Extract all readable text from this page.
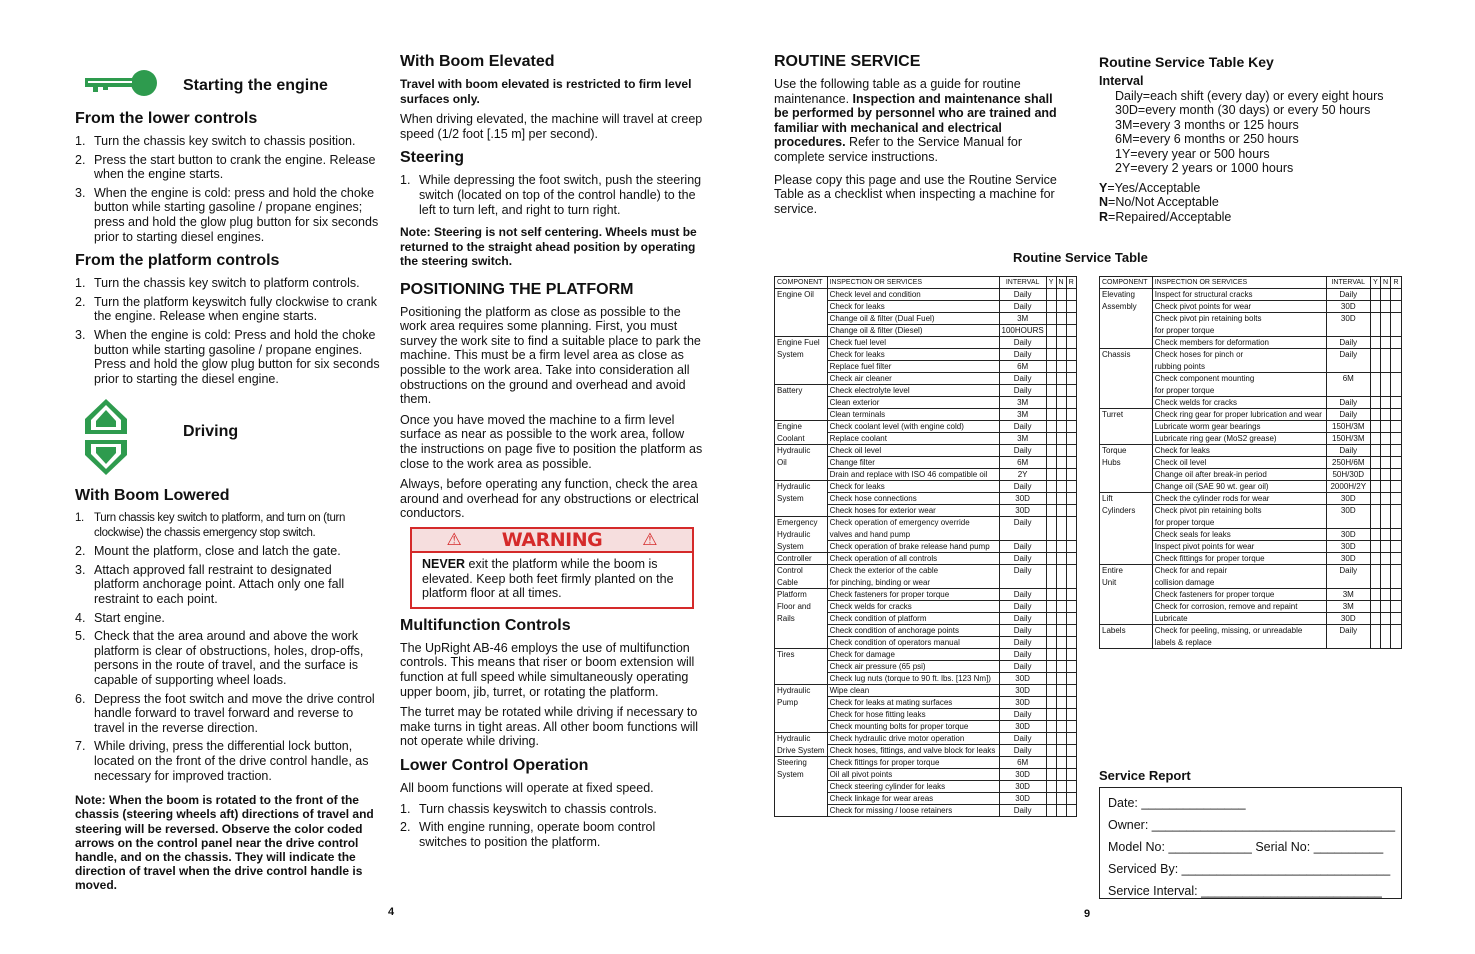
Starting the engine
From the lower controls
1. Turn the chassis key switch to chassis position.
2. Press the start button to crank the engine. Release when the engine starts.
3. When the engine is cold: press and hold the choke button while starting gasoline / propane engines; press and hold the glow plug button for six seconds prior to starting diesel engines.
From the platform controls
1. Turn the chassis key switch to platform controls.
2. Turn the platform keyswitch fully clockwise to crank the engine. Release when engine starts.
3. When the engine is cold: Press and hold the choke button while starting gasoline / propane engines. Press and hold the glow plug button for six seconds prior to starting the diesel engine.
Driving
With Boom Lowered
1. Turn chassis key switch to platform, and turn on (turn clockwise) the chassis emergency stop switch.
2. Mount the platform, close and latch the gate.
3. Attach approved fall restraint to designated platform anchorage point. Attach only one fall restraint to each point.
4. Start engine.
5. Check that the area around and above the work platform is clear of obstructions, holes, drop-offs, persons in the route of travel, and the surface is capable of supporting wheel loads.
6. Depress the foot switch and move the drive control handle forward to travel forward and reverse to travel in the reverse direction.
7. While driving, press the differential lock button, located on the front of the drive control handle, as necessary for improved traction.

Note: When the boom is rotated to the front of the chassis (steering wheels aft) directions of travel and steering will be reversed. Observe the color coded arrows on the control panel near the drive control handle, and on the chassis. They will indicate the direction of travel when the drive control handle is moved.

With Boom Elevated

Travel with boom elevated is restricted to firm level surfaces only.

When driving elevated, the machine will travel at creep speed (1/2 foot [.15 m] per second).

Steering
1. While depressing the foot switch, push the steering switch (located on top of the control handle) to the left to turn left, and right to turn right.

Note: Steering is not self centering. Wheels must be returned to the straight ahead position by operating the steering switch.

POSITIONING THE PLATFORM

Positioning the platform as close as possible to the work area requires some planning. First, you must survey the work site to find a suitable place to park the machine. This must be a firm level area as close as possible to the work area. Take into consideration all obstructions on the ground and overhead and avoid them.

Once you have moved the machine to a firm level surface as near as possible to the work area, follow the instructions on page five to position the platform as close to the work area as possible.

Always, before operating any function, check the area around and overhead for any obstructions or electrical conductors.

⚠ WARNING ⚠
NEVER exit the platform while the boom is elevated. Keep both feet firmly planted on the platform floor at all times.
Multifunction Controls

The UpRight AB-46 employs the use of multifunction controls. This means that riser or boom extension will function at full speed while simultaneously operating upper boom, jib, turret, or rotating the platform.

The turret may be rotated while driving if necessary to make turns in tight areas. All other boom functions will not operate while driving.

Lower Control Operation

All boom functions will operate at fixed speed.

1. Turn chassis keyswitch to chassis controls.
2. With engine running, operate boom control switches to position the platform.
4
ROUTINE SERVICE

Use the following table as a guide for routine maintenance. Inspection and maintenance shall be performed by personnel who are trained and familiar with mechanical and electrical procedures. Refer to the Service Manual for complete service instructions.

Please copy this page and use the Routine Service Table as a checklist when inspecting a machine for service.

Routine Service Table Key
Interval
Daily=each shift (every day) or every eight hours
30D=every month (30 days) or every 50 hours
3M=every 3 months or 125 hours
6M=every 6 months or 250 hours
1Y=every year or 500 hours
2Y=every 2 years or 1000 hours
Y=Yes/Acceptable
N=No/Not Acceptable
R=Repaired/Acceptable
Routine Service Table
COMPONENT	INSPECTION OR SERVICES	INTERVAL	Y	N	R
Engine Oil	Check level and condition	Daily			
	Check for leaks	Daily			
	Change oil & filter (Dual Fuel)	3M			
	Change oil & filter (Diesel)	100HOURS			
Engine Fuel	Check fuel level	Daily			
System	Check for leaks	Daily			
	Replace fuel filter	6M			
	Check air cleaner	Daily			
Battery	Check electrolyte level	Daily			
	Clean exterior	3M			
	Clean terminals	3M			
Engine	Check coolant level (with engine cold)	Daily			
Coolant	Replace coolant	3M			
Hydraulic	Check oil level	Daily			
Oil	Change filter	6M			
	Drain and replace with ISO 46 compatible oil	2Y			
Hydraulic	Check for leaks	Daily			
System	Check hose connections	30D			
	Check hoses for exterior wear	30D			
Emergency	Check operation of emergency override	Daily			
Hydraulic	valves and hand pump				
System	Check operation of brake release hand pump	Daily			
Controller	Check operation of all controls	Daily			
Control	Check the exterior of the cable	Daily			
Cable	for pinching, binding or wear				
Platform	Check fasteners for proper torque	Daily			
Floor and	Check welds for cracks	Daily			
Rails	Check condition of platform	Daily			
	Check condition of anchorage points	Daily			
	Check condition of operators manual	Daily			
Tires	Check for damage	Daily			
	Check air pressure (65 psi)	Daily			
	Check lug nuts (torque to 90 ft. lbs. [123 Nm])	30D			
Hydraulic	Wipe clean	30D			
Pump	Check for leaks at mating surfaces	30D			
	Check for hose fitting leaks	Daily			
	Check mounting bolts for proper torque	30D			
Hydraulic	Check hydraulic drive motor operation	Daily			
Drive System	Check hoses, fittings, and valve block for leaks	Daily			
Steering	Check fittings for proper torque	6M			
System	Oil all pivot points	30D			
	Check steering cylinder for leaks	30D			
	Check linkage for wear areas	30D			
	Check for missing / loose retainers	Daily			
COMPONENT	INSPECTION OR SERVICES	INTERVAL	Y	N	R
Elevating	Inspect for structural cracks	Daily			
Assembly	Check pivot points for wear	30D			
	Check pivot pin retaining bolts	30D			
	for proper torque				
	Check members for deformation	Daily			
Chassis	Check hoses for pinch or	Daily			
	rubbing points				
	Check component mounting	6M			
	for proper torque				
	Check welds for cracks	Daily			
Turret	Check ring gear for proper lubrication and wear	Daily			
	Lubricate worm gear bearings	150H/3M			
	Lubricate ring gear (MoS2 grease)	150H/3M			
Torque	Check for leaks	Daily			
Hubs	Check oil level	250H/6M			
	Change oil after break-in period	50H/30D			
	Change oil (SAE 90 wt. gear oil)	2000H/2Y			
Lift	Check the cylinder rods for wear	30D			
Cylinders	Check pivot pin retaining bolts	30D			
	for proper torque				
	Check seals for leaks	30D			
	Inspect pivot points for wear	30D			
	Check fittings for proper torque	30D			
Entire	Check for and repair	Daily			
Unit	collision damage				
	Check fasteners for proper torque	3M			
	Check for corrosion, remove and repaint	3M			
	Lubricate	30D			
Labels	Check for peeling, missing, or unreadable	Daily			
	labels & replace				
Service Report
Date: _______________
Owner: ___________________________________
Model No: ____________ Serial No: __________
Serviced By: ______________________________
Service Interval: __________________________
9
